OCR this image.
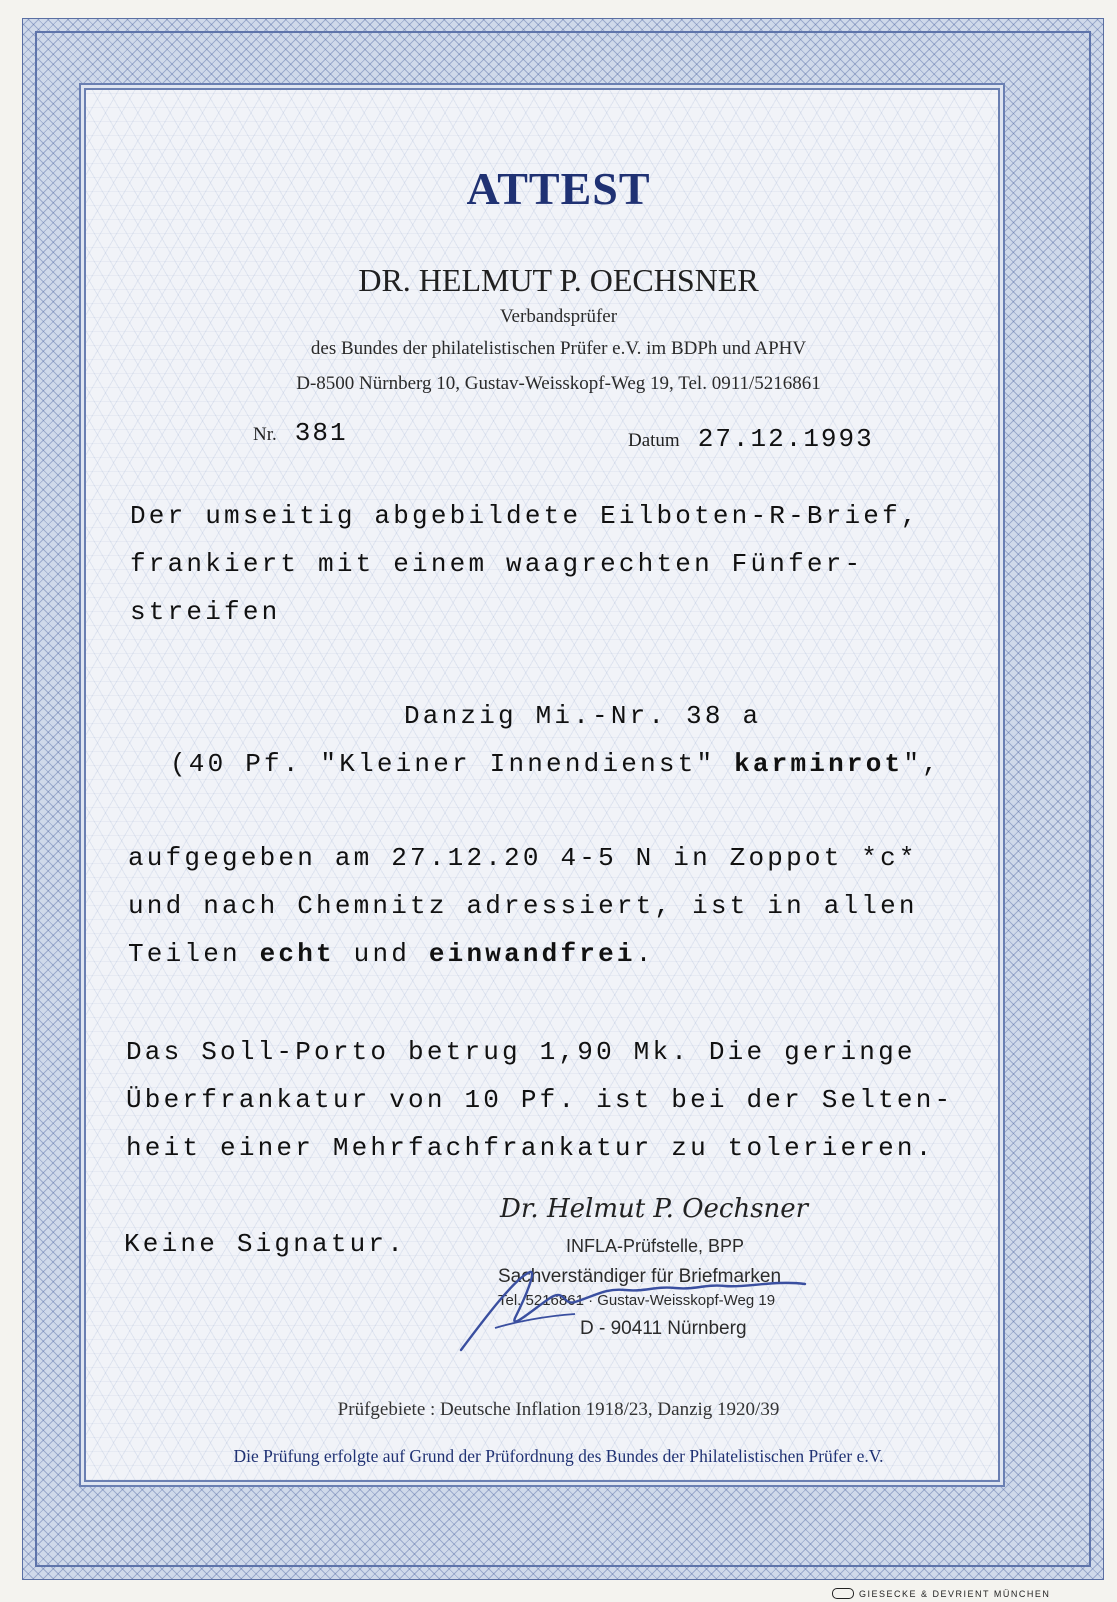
ATTEST
DR. HELMUT P. OECHSNER
Verbandsprüfer
des Bundes der philatelistischen Prüfer e.V. im BDPh und APHV
D-8500 Nürnberg 10, Gustav-Weisskopf-Weg 19, Tel. 0911/5216861
Nr. 381	Datum 27.12.1993
Der umseitig abgebildete Eilboten-R-Brief,
frankiert mit einem waagrechten Fünfer-
streifen
Danzig Mi.-Nr. 38 a
(40 Pf. "Kleiner Innendienst" karminrot",
aufgegeben am 27.12.20 4-5 N in Zoppot *c*
und nach Chemnitz adressiert, ist in allen
Teilen echt und einwandfrei.
Das Soll-Porto betrug 1,90 Mk. Die geringe
Überfrankatur von 10 Pf. ist bei der Selten-
heit einer Mehrfachfrankatur zu tolerieren.
Keine Signatur.
Dr. Helmut P. Oechsner
INFLA-Prüfstelle, BPP
Sachverständiger für Briefmarken
Tel. 5216861 · Gustav-Weisskopf-Weg 19
D - 90411 Nürnberg
Prüfgebiete : Deutsche Inflation 1918/23, Danzig 1920/39
Die Prüfung erfolgte auf Grund der Prüfordnung des Bundes der Philatelistischen Prüfer e.V.
GIESECKE & DEVRIENT MÜNCHEN
